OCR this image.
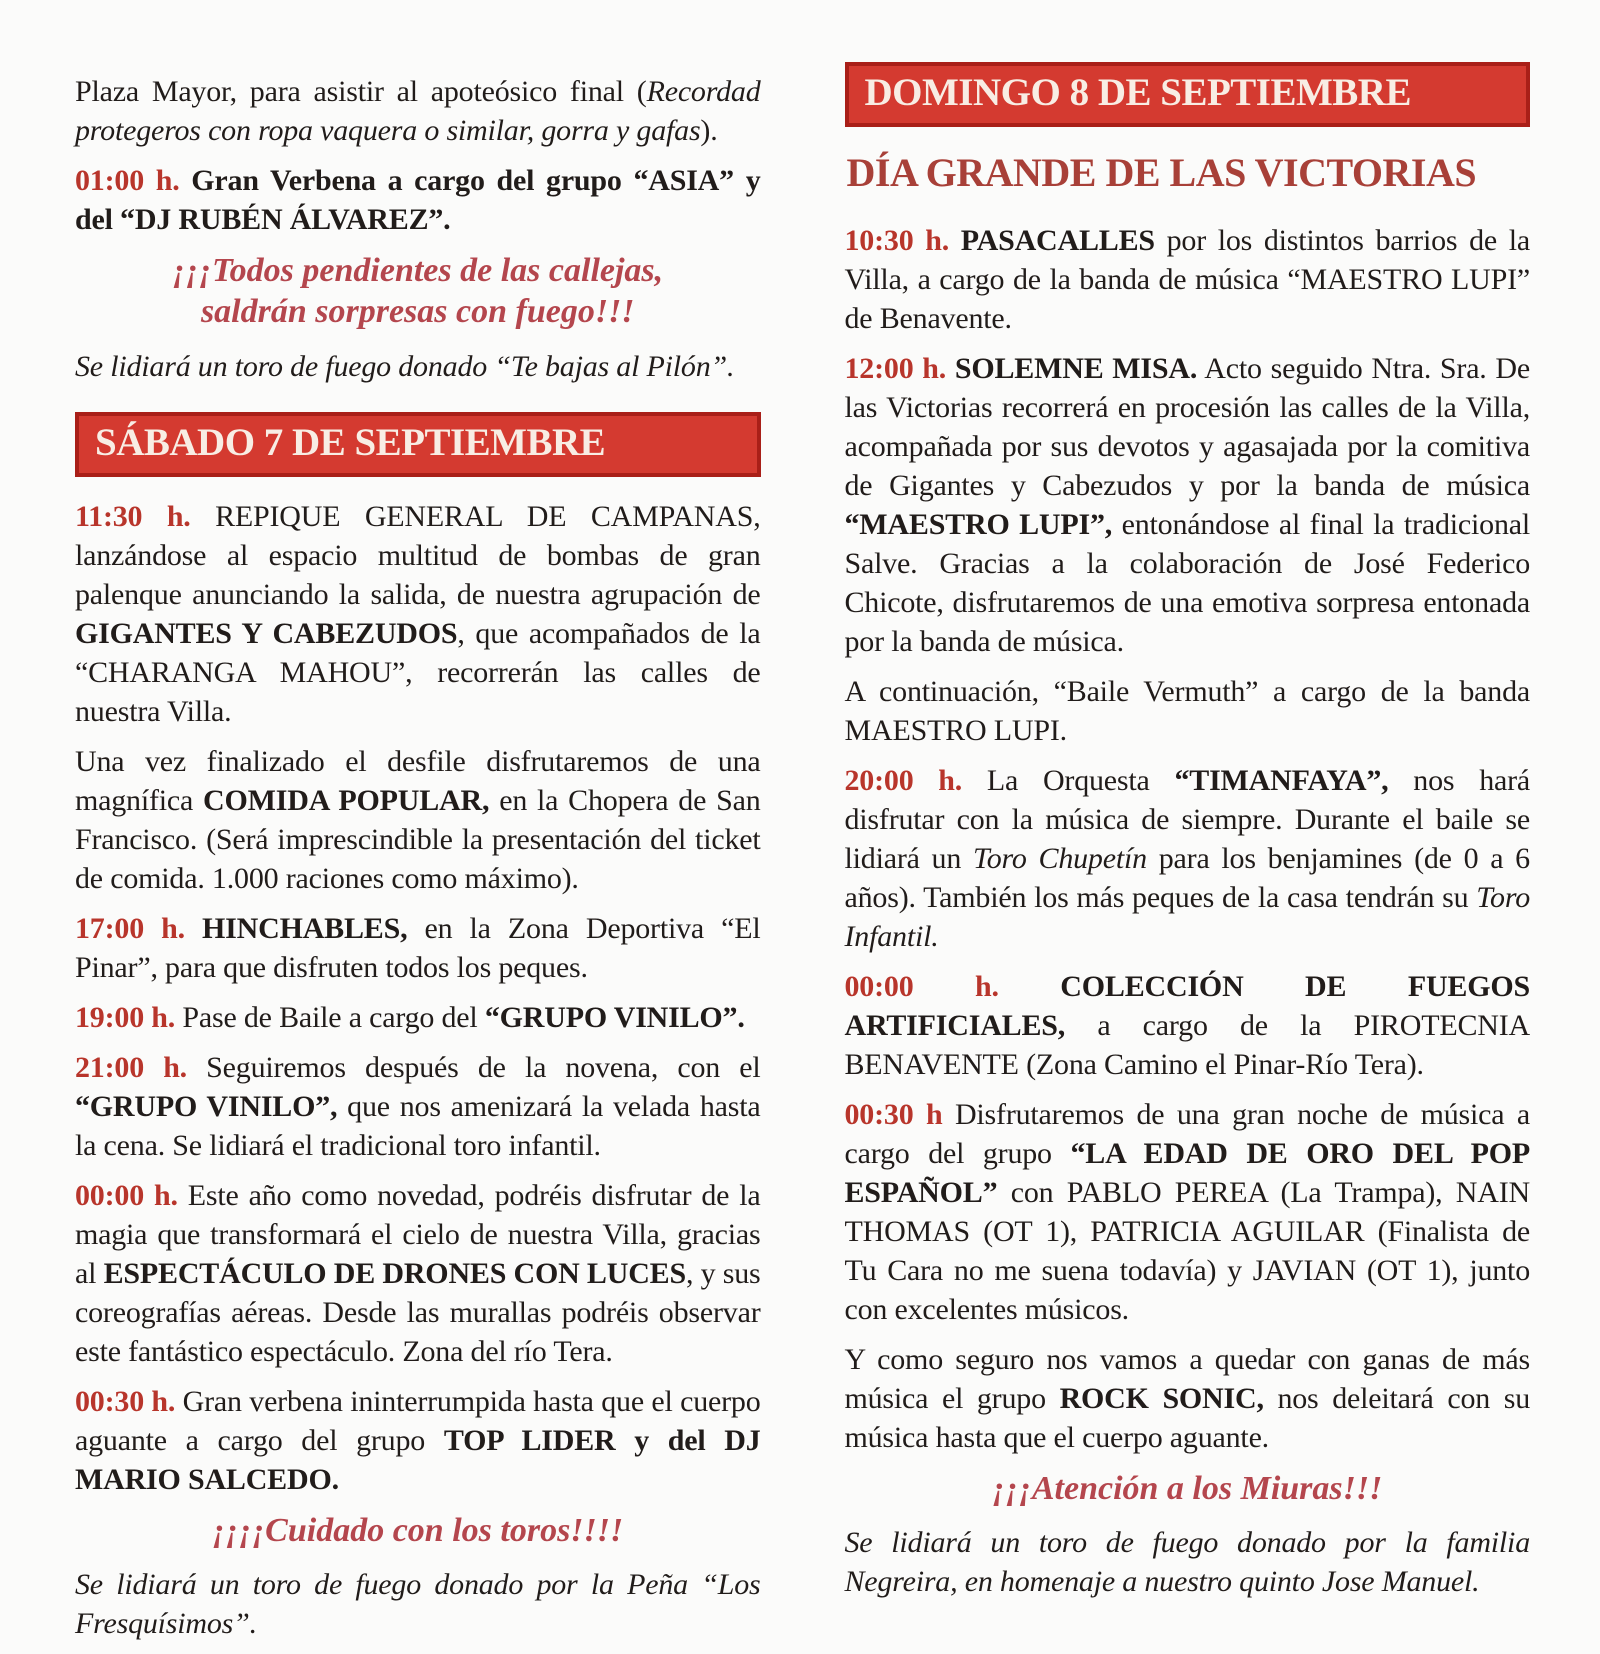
Plaza Mayor, para asistir al apoteósico final (Recordad protegeros con ropa vaquera o similar, gorra y gafas).

01:00 h. Gran Verbena a cargo del grupo “ASIA” y del “DJ RUBÉN ÁLVAREZ”.

¡¡¡Todos pendientes de las callejas,
saldrán sorpresas con fuego!!!

Se lidiará un toro de fuego donado “Te bajas al Pilón”.

SÁBADO 7 DE SEPTIEMBRE

11:30 h. REPIQUE GENERAL DE CAMPANAS, lanzándose al espacio multitud de bombas de gran palenque anunciando la salida, de nuestra agrupación de GIGANTES Y CABEZUDOS, que acompañados de la “CHARANGA MAHOU”, recorrerán las calles de nuestra Villa.

Una vez finalizado el desfile disfrutaremos de una magnífica COMIDA POPULAR, en la Chopera de San Francisco. (Será imprescindible la presentación del ticket de comida. 1.000 raciones como máximo).

17:00 h. HINCHABLES, en la Zona Deportiva “El Pinar”, para que disfruten todos los peques.

19:00 h. Pase de Baile a cargo del “GRUPO VINILO”.

21:00 h. Seguiremos después de la novena, con el “GRUPO VINILO”, que nos amenizará la velada hasta la cena. Se lidiará el tradicional toro infantil.

00:00 h. Este año como novedad, podréis disfrutar de la magia que transformará el cielo de nuestra Villa, gracias al ESPECTÁCULO DE DRONES CON LUCES, y sus coreografías aéreas. Desde las murallas podréis observar este fantástico espectáculo. Zona del río Tera.

00:30 h. Gran verbena ininterrumpida hasta que el cuerpo aguante a cargo del grupo TOP LIDER y del DJ MARIO SALCEDO.

¡¡¡¡Cuidado con los toros!!!!

Se lidiará un toro de fuego donado por la Peña “Los Fresquísimos”.

DOMINGO 8 DE SEPTIEMBRE
DÍA GRANDE DE LAS VICTORIAS

10:30 h. PASACALLES por los distintos barrios de la Villa, a cargo de la banda de música “MAESTRO LUPI” de Benavente.

12:00 h. SOLEMNE MISA. Acto seguido Ntra. Sra. De las Victorias recorrerá en procesión las calles de la Villa, acompañada por sus devotos y agasajada por la comitiva de Gigantes y Cabezudos y por la banda de música “MAESTRO LUPI”, entonándose al final la tradicional Salve. Gracias a la colaboración de José Federico Chicote, disfrutaremos de una emotiva sorpresa entonada por la banda de música.

A continuación, “Baile Vermuth” a cargo de la banda MAESTRO LUPI.

20:00 h. La Orquesta “TIMANFAYA”, nos hará disfrutar con la música de siempre. Durante el baile se lidiará un Toro Chupetín para los benjamines (de 0 a 6 años). También los más peques de la casa tendrán su Toro Infantil.

00:00 h. COLECCIÓN DE FUEGOS ARTIFICIALES, a cargo de la PIROTECNIA BENAVENTE (Zona Camino el Pinar-Río Tera).

00:30 h Disfrutaremos de una gran noche de música a cargo del grupo “LA EDAD DE ORO DEL POP ESPAÑOL” con PABLO PEREA (La Trampa), NAIN THOMAS (OT 1), PATRICIA AGUILAR (Finalista de Tu Cara no me suena todavía) y JAVIAN (OT 1), junto con excelentes músicos.

Y como seguro nos vamos a quedar con ganas de más música el grupo ROCK SONIC, nos deleitará con su música hasta que el cuerpo aguante.

¡¡¡Atención a los Miuras!!!

Se lidiará un toro de fuego donado por la familia Negreira, en homenaje a nuestro quinto Jose Manuel.
